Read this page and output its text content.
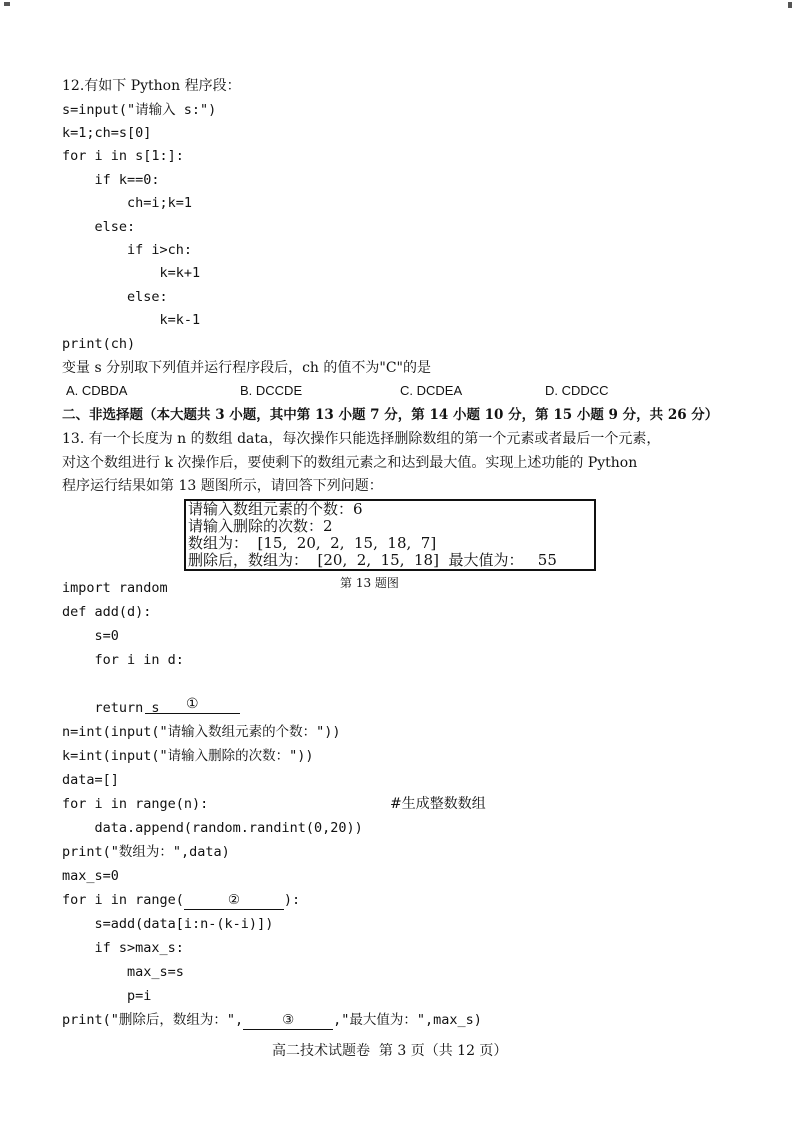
12.有如下 Python 程序段：
s=input("请输入 s:")
k=1;ch=s[0]
for i in s[1:]:
if k==0:
ch=i;k=1
else:
if i>ch:
k=k+1
else:
k=k-1
print(ch)
变量 s 分别取下列值并运行程序段后，ch 的值不为"C"的是
A. CDBDA	B. DCCDE	C. DCDEA	D. CDDCC
二、非选择题（本大题共 3 小题，其中第 13 小题 7 分，第 14 小题 10 分，第 15 小题 9 分，共 26 分）
13. 有一个长度为 n 的数组 data，每次操作只能选择删除数组的第一个元素或者最后一个元素，
对这个数组进行 k 次操作后，要使剩下的数组元素之和达到最大值。实现上述功能的 Python
程序运行结果如第 13 题图所示，请回答下列问题：
请输入数组元素的个数：6
请输入删除的次数：2
数组为：  [15,  20,  2,  15,  18,  7]
删除后，数组为：  [20,  2,  15,  18]  最大值为：   55
第 13 题图
import random
def add(d):
s=0
for i in d:

①

return s
n=int(input("请输入数组元素的个数："))
k=int(input("请输入删除的次数："))
data=[]
for i in range(n):	#生成整数数组
data.append(random.randint(0,20))
print("数组为：",data)
max_s=0
for i in range(	②	):
s=add(data[i:n-(k-i)])
if s>max_s:
max_s=s
p=i
print("删除后，数组为：",	③	,"最大值为：",max_s)
高二技术试题卷  第 3 页（共 12 页）
